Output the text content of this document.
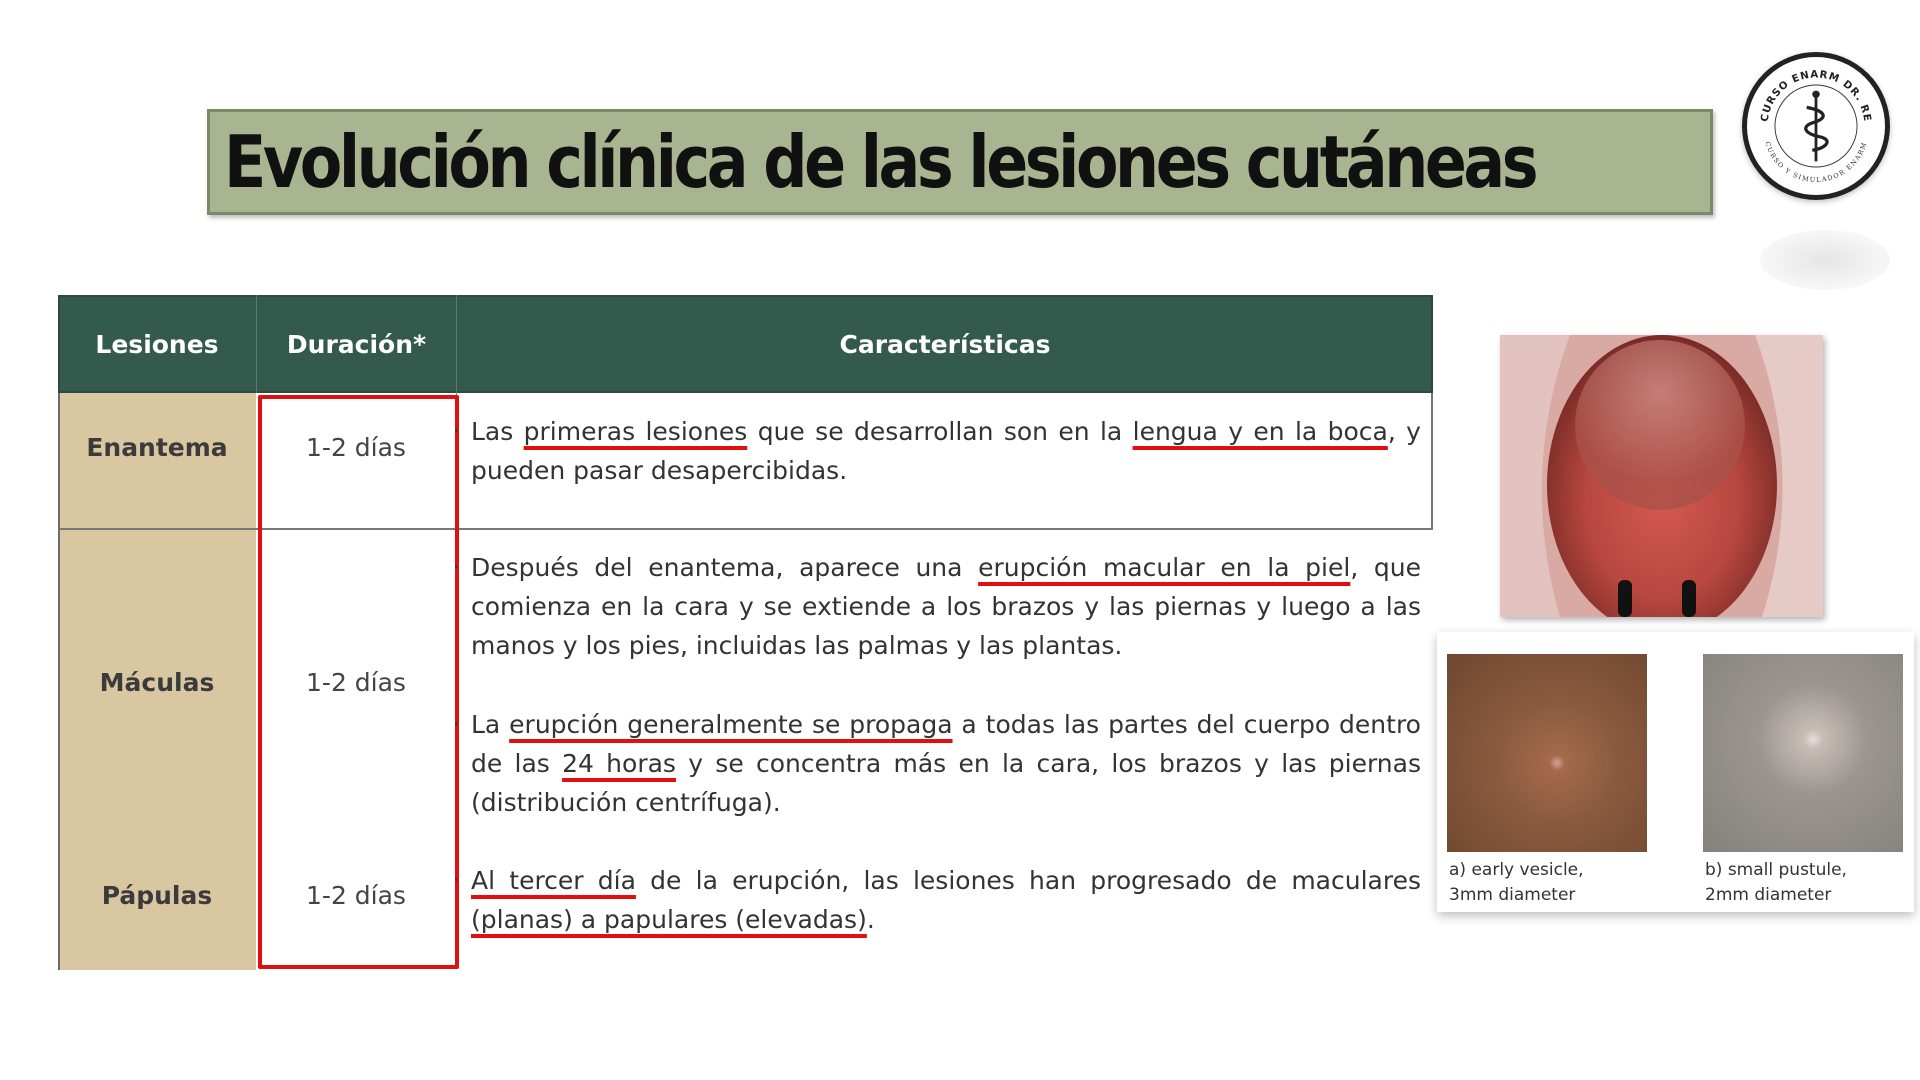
Evolución clínica de las lesiones cutáneas
CURSO ENARM DR. RE
CURSO Y SIMULADOR ENARM
Lesiones	Duración*	Características
Enantema
Máculas
Pápulas
1-2 días
1-2 días
1-2 días
· Las primeras lesiones que se desarrollan son en la lengua y en la boca, y pueden pasar desapercibidas.
· Después del enantema, aparece una erupción macular en la piel, que comienza en la cara y se extiende a los brazos y las piernas y luego a las manos y los pies, incluidas las palmas y las plantas.
· La erupción generalmente se propaga a todas las partes del cuerpo dentro de las 24 horas y se concentra más en la cara, los brazos y las piernas (distribución centrífuga).
· Al tercer día de la erupción, las lesiones han progresado de maculares (planas) a papulares (elevadas).
a) early vesicle,
3mm diameter
b) small pustule,
2mm diameter
